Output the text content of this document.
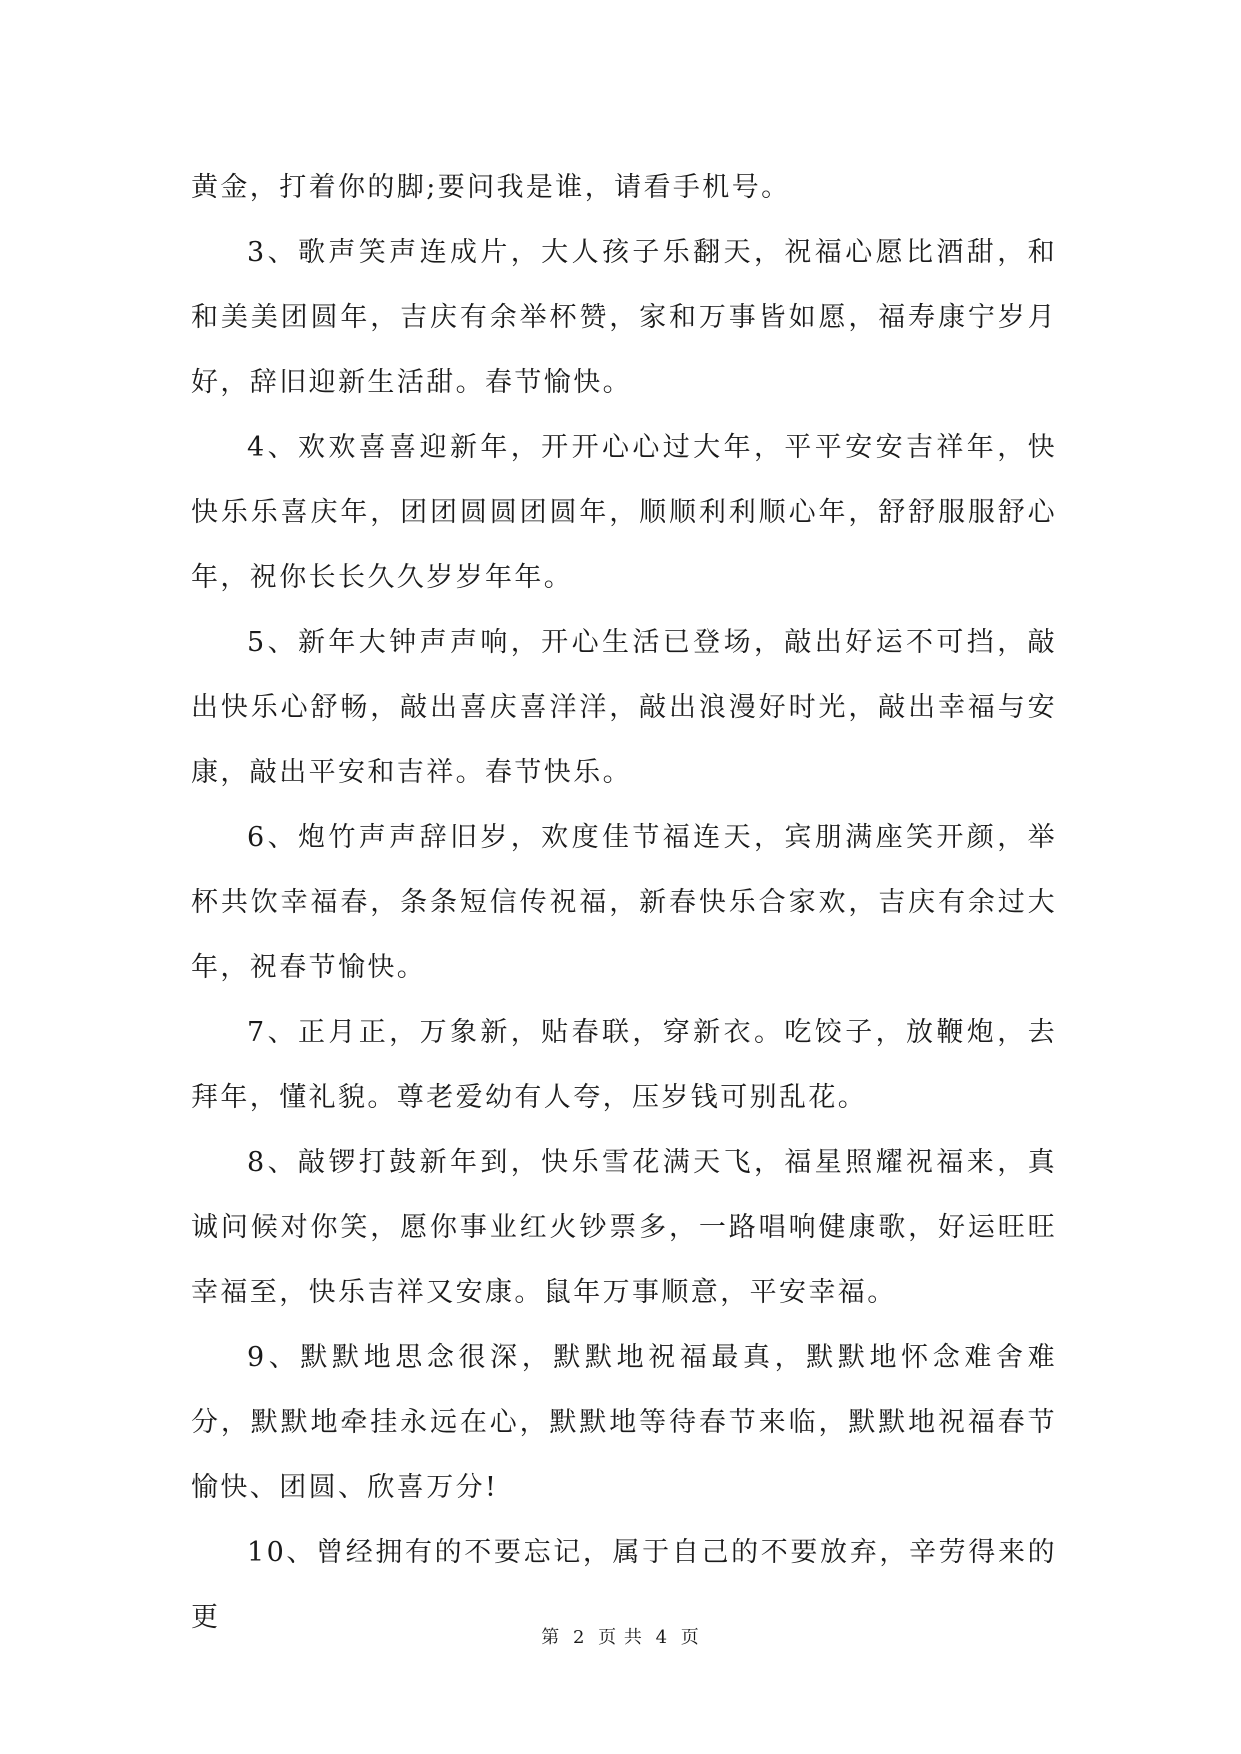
黄金，打着你的脚;要问我是谁，请看手机号。

3、歌声笑声连成片，大人孩子乐翻天，祝福心愿比酒甜，和和美美团圆年，吉庆有余举杯赞，家和万事皆如愿，福寿康宁岁月好，辞旧迎新生活甜。春节愉快。

4、欢欢喜喜迎新年，开开心心过大年，平平安安吉祥年，快快乐乐喜庆年，团团圆圆团圆年，顺顺利利顺心年，舒舒服服舒心年，祝你长长久久岁岁年年。

5、新年大钟声声响，开心生活已登场，敲出好运不可挡，敲出快乐心舒畅，敲出喜庆喜洋洋，敲出浪漫好时光，敲出幸福与安康，敲出平安和吉祥。春节快乐。

6、炮竹声声辞旧岁，欢度佳节福连天，宾朋满座笑开颜，举杯共饮幸福春，条条短信传祝福，新春快乐合家欢，吉庆有余过大年，祝春节愉快。

7、正月正，万象新，贴春联，穿新衣。吃饺子，放鞭炮，去拜年，懂礼貌。尊老爱幼有人夸，压岁钱可别乱花。

8、敲锣打鼓新年到，快乐雪花满天飞，福星照耀祝福来，真诚问候对你笑，愿你事业红火钞票多，一路唱响健康歌，好运旺旺幸福至，快乐吉祥又安康。鼠年万事顺意，平安幸福。

9、默默地思念很深，默默地祝福最真，默默地怀念难舍难分，默默地牵挂永远在心，默默地等待春节来临，默默地祝福春节愉快、团圆、欣喜万分!

10、曾经拥有的不要忘记，属于自己的不要放弃，辛劳得来的更

第 2 页 共 4 页
